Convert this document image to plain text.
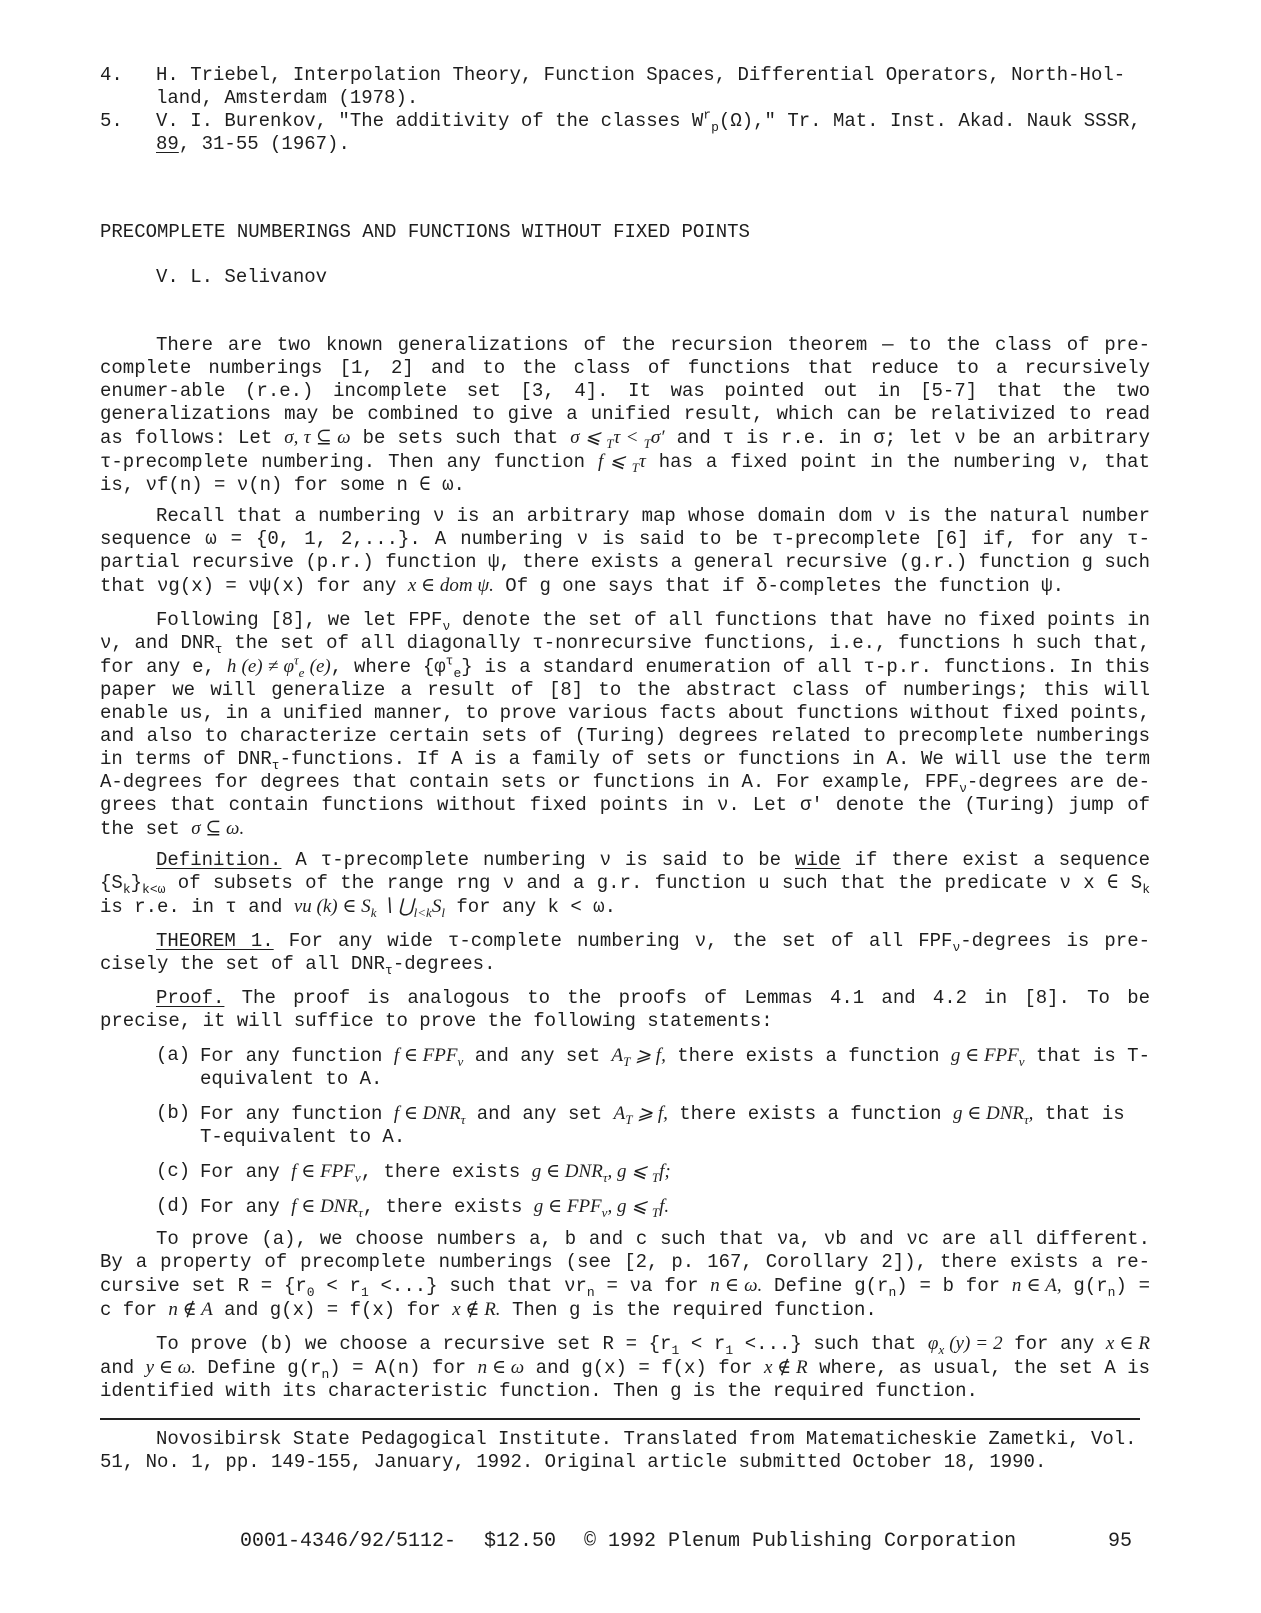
4.	H. Triebel, Interpolation Theory, Function Spaces, Differential Operators, North-Hol-
land, Amsterdam (1978).
5.	V. I. Burenkov, "The additivity of the classes $W^r_p(\Omega)$," Tr. Mat. Inst. Akad. Nauk SSSR,
89, 31-55 (1967).
PRECOMPLETE NUMBERINGS AND FUNCTIONS WITHOUT FIXED POINTS
V. L. Selivanov
There are two known generalizations of the recursion theorem — to the class of pre-complete numberings [1, 2] and to the class of functions that reduce to a recursively enumer-able (r.e.) incomplete set [3, 4]. It was pointed out in [5-7] that the two generalizations may be combined to give a unified result, which can be relativized to read as follows: Let σ, τ ⊆ ω be sets such that σ ⩽ $_T$τ < $_T$σ′ and τ is r.e. in σ; let ν be an arbitrary τ-precomplete numbering. Then any function f ⩽ $_T$τ has a fixed point in the numbering ν, that is, νf(n) = ν(n) for some n ∈ ω.
Recall that a numbering ν is an arbitrary map whose domain dom ν is the natural number sequence ω = {0, 1, 2,...}. A numbering ν is said to be τ-precomplete [6] if, for any τ-partial recursive (p.r.) function ψ, there exists a general recursive (g.r.) function g such that νg(x) = νψ(x) for any x ∈ dom ψ. Of g one says that if δ-completes the function ψ.
Following [8], we let $FPF_\nu$ denote the set of all functions that have no fixed points in ν, and $DNR_\tau$ the set of all diagonally τ-nonrecursive functions, i.e., functions h such that, for any e, h $(e) \ne \varphi^\tau_e$ (e), where $\{\varphi^\tau_e\}$ is a standard enumeration of all τ-p.r. functions. In this paper we will generalize a result of [8] to the abstract class of numberings; this will enable us, in a unified manner, to prove various facts about functions without fixed points, and also to characterize certain sets of (Turing) degrees related to precomplete numberings in terms of $DNR_\tau$-functions. If A is a family of sets or functions in A. We will use the term A-degrees for degrees that contain sets or functions in A. For example, $FPF_\nu$-degrees are de-grees that contain functions without fixed points in ν. Let σ' denote the (Turing) jump of the set σ ⊆ ω.
Definition. A τ-precomplete numbering ν is said to be wide if there exist a sequence $\{S_k\}_{k<\omega}$ of subsets of the range rng ν and a g.r. function u such that the predicate ν x ∈ $S_k$ is r.e. in τ and νu (k) ∈ $S_k$ ∖ $⋃_{l<k}S_l$ for any k < ω.
THEOREM 1. For any wide τ-complete numbering ν, the set of all $FPF_\nu$-degrees is pre-cisely the set of all $DNR_\tau$-degrees.
Proof. The proof is analogous to the proofs of Lemmas 4.1 and 4.2 in [8]. To be precise, it will suffice to prove the following statements:
(a) For any function f ∈ $FPF_\nu$ and any set $A_T$ ⩾ f, there exists a function g ∈ $FPF_\nu$ that is T-equivalent to A.
(b) For any function f ∈ $DNR_\tau$ and any set $A_T$ ⩾ f, there exists a function g ∈ $DNR_\tau$, that is T-equivalent to A.
(c) For any f ∈ $FPF_\nu$, there exists g ∈ $DNR_\tau$, g ⩽ $_T$f;
(d) For any f ∈ $DNR_\tau$, there exists g ∈ $FPF_\nu$, g ⩽ $_T$f.
To prove (a), we choose numbers a, b and c such that νa, νb and νc are all different. By a property of precomplete numberings (see [2, p. 167, Corollary 2]), there exists a re-cursive set $R = \{r_0 < r_1$ <...} such that $\nu r_n = \nu a$ for n ∈ ω. Define $g(r_n) = b$ for n ∈ A, $g(r_n) = c$ for n ∉ A and g(x) = f(x) for x ∉ R. Then g is the required function.
To prove (b) we choose a recursive set $R = \{r_1 < r_1$ <...} such that $\varphi_x$ (y) = 2 for any x ∈ R and y ∈ ω. Define $g(r_n) = A(n)$ for n ∈ ω and g(x) = f(x) for x ∉ R where, as usual, the set A is identified with its characteristic function. Then g is the required function.
Novosibirsk State Pedagogical Institute. Translated from Matematicheskie Zametki, Vol. 51, No. 1, pp. 149-155, January, 1992. Original article submitted October 18, 1990.
0001-4346/92/5112- $12.50 © 1992 Plenum Publishing Corporation	95
